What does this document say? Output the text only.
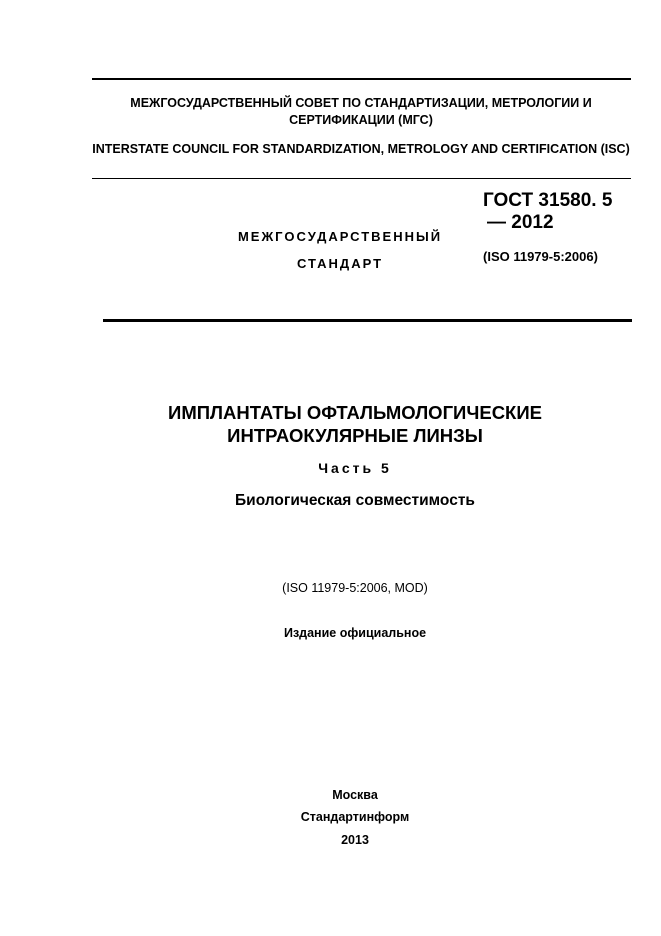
МЕЖГОСУДАРСТВЕННЫЙ СОВЕТ ПО СТАНДАРТИЗАЦИИ, МЕТРОЛОГИИ И СЕРТИФИКАЦИИ (МГС)
INTERSTATE COUNCIL FOR STANDARDIZATION, METROLOGY AND CERTIFICATION (ISC)
МЕЖГОСУДАРСТВЕННЫЙ
СТАНДАРТ
ГОСТ 31580. 5
— 2012
(ISO 11979-5:2006)
ИМПЛАНТАТЫ ОФТАЛЬМОЛОГИЧЕСКИЕ
ИНТРАОКУЛЯРНЫЕ ЛИНЗЫ
Часть 5
Биологическая совместимость
(ISO 11979-5:2006, MOD)
Издание официальное
Москва
Стандартинформ
2013
